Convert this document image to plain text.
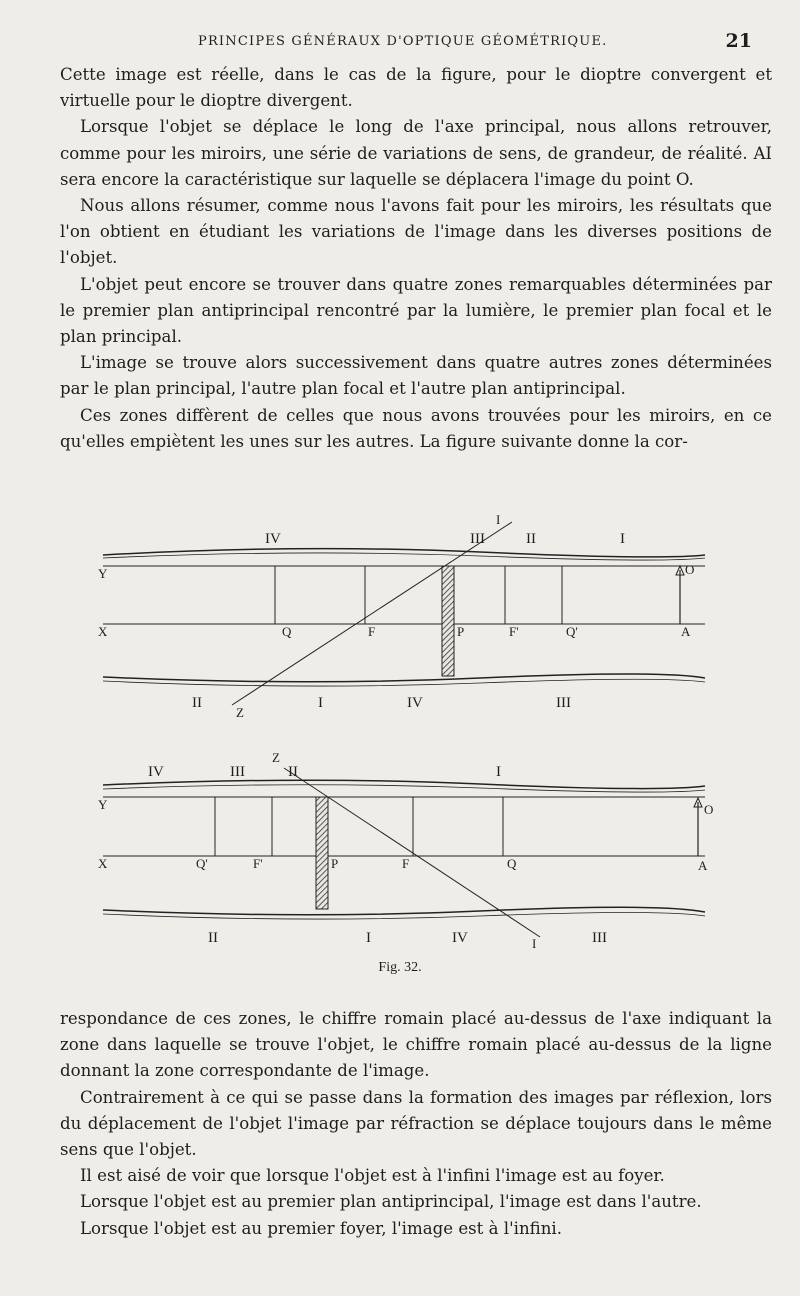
PRINCIPES GÉNÉRAUX D'OPTIQUE GÉOMÉTRIQUE.	21

Cette image est réelle, dans le cas de la figure, pour le dioptre convergent et virtuelle pour le dioptre divergent.

Lorsque l'objet se déplace le long de l'axe principal, nous allons retrouver, comme pour les miroirs, une série de variations de sens, de grandeur, de réalité. AI sera encore la caractéristique sur laquelle se déplacera l'image du point O.

Nous allons résumer, comme nous l'avons fait pour les miroirs, les résultats que l'on obtient en étudiant les variations de l'image dans les diverses positions de l'objet.

L'objet peut encore se trouver dans quatre zones remarquables déterminées par le premier plan antiprincipal rencontré par la lumière, le premier plan focal et le plan principal.

L'image se trouve alors successivement dans quatre autres zones déterminées par le plan principal, l'autre plan focal et l'autre plan antiprincipal.

Ces zones diffèrent de celles que nous avons trouvées pour les miroirs, en ce qu'elles empiètent les unes sur les autres. La figure suivante donne la cor-

IV	III	II	I
I
Y
X
O
A
Q	F	P	F'	Q'
II	I	IV	III
Z
IV	III	II	I
Z
Y
X
O
A
Q'	F'	P	F	Q
II	I	IV	III
I
Fig. 32.

respondance de ces zones, le chiffre romain placé au-dessus de l'axe indiquant la zone dans laquelle se trouve l'objet, le chiffre romain placé au-dessus de la ligne donnant la zone correspondante de l'image.

Contrairement à ce qui se passe dans la formation des images par réflexion, lors du déplacement de l'objet l'image par réfraction se déplace toujours dans le même sens que l'objet.

Il est aisé de voir que lorsque l'objet est à l'infini l'image est au foyer.

Lorsque l'objet est au premier plan antiprincipal, l'image est dans l'autre.

Lorsque l'objet est au premier foyer, l'image est à l'infini.
